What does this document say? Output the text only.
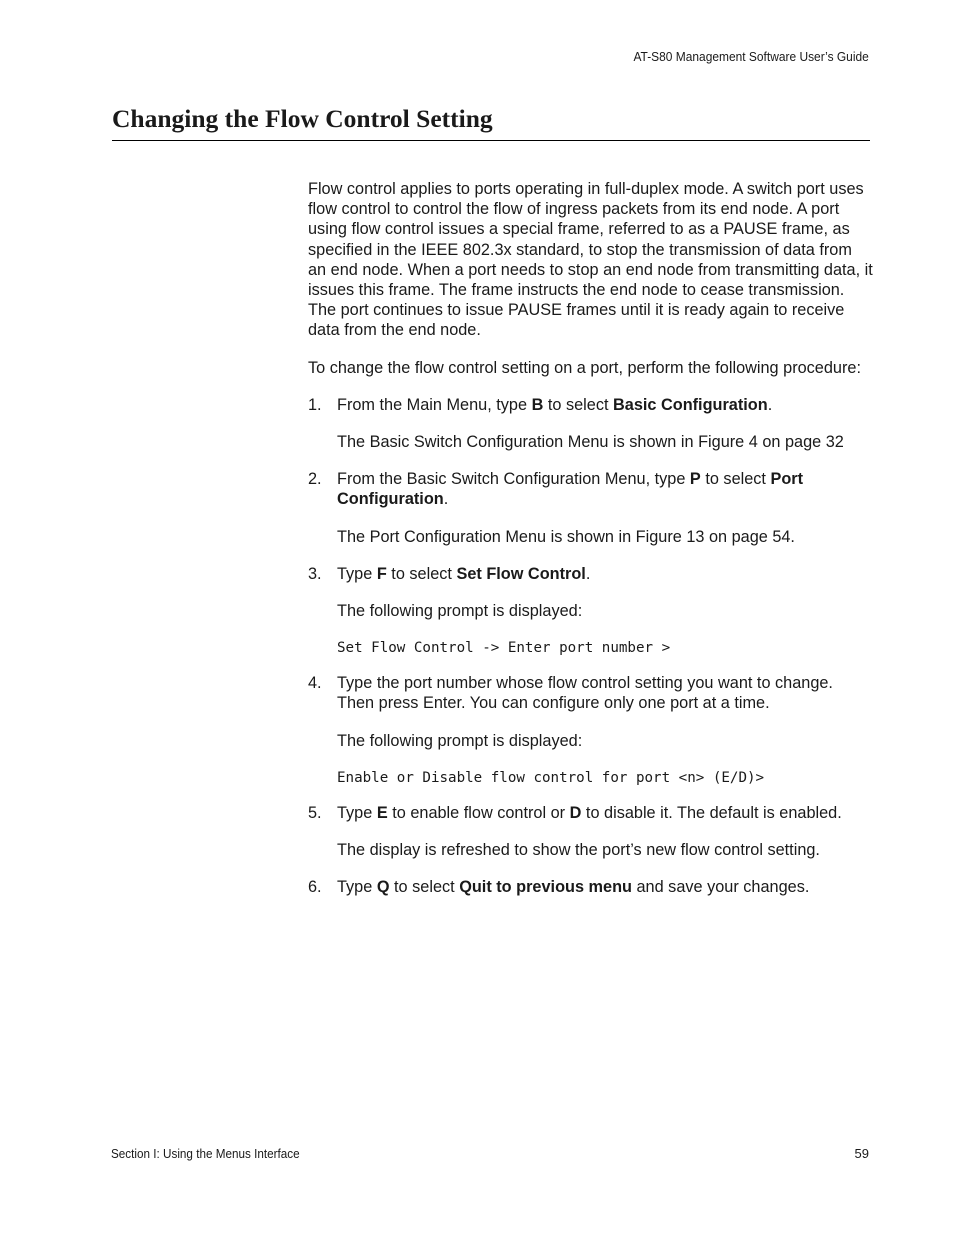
AT-S80 Management Software User’s Guide
Changing the Flow Control Setting

Flow control applies to ports operating in full-duplex mode. A switch port uses flow control to control the flow of ingress packets from its end node. A port using flow control issues a special frame, referred to as a PAUSE frame, as specified in the IEEE 802.3x standard, to stop the transmission of data from an end node. When a port needs to stop an end node from transmitting data, it issues this frame. The frame instructs the end node to cease transmission. The port continues to issue PAUSE frames until it is ready again to receive data from the end node.

To change the flow control setting on a port, perform the following procedure:

1. From the Main Menu, type B to select Basic Configuration.
The Basic Switch Configuration Menu is shown in Figure 4 on page 32
2. From the Basic Switch Configuration Menu, type P to select Port Configuration.
The Port Configuration Menu is shown in Figure 13 on page 54.
3. Type F to select Set Flow Control.
The following prompt is displayed:
Set Flow Control -> Enter port number >
4. Type the port number whose flow control setting you want to change. Then press Enter. You can configure only one port at a time.
The following prompt is displayed:
Enable or Disable flow control for port <n> (E/D)>
5. Type E to enable flow control or D to disable it. The default is enabled.
The display is refreshed to show the port’s new flow control setting.
6. Type Q to select Quit to previous menu and save your changes.
Section I: Using the Menus Interface	59
